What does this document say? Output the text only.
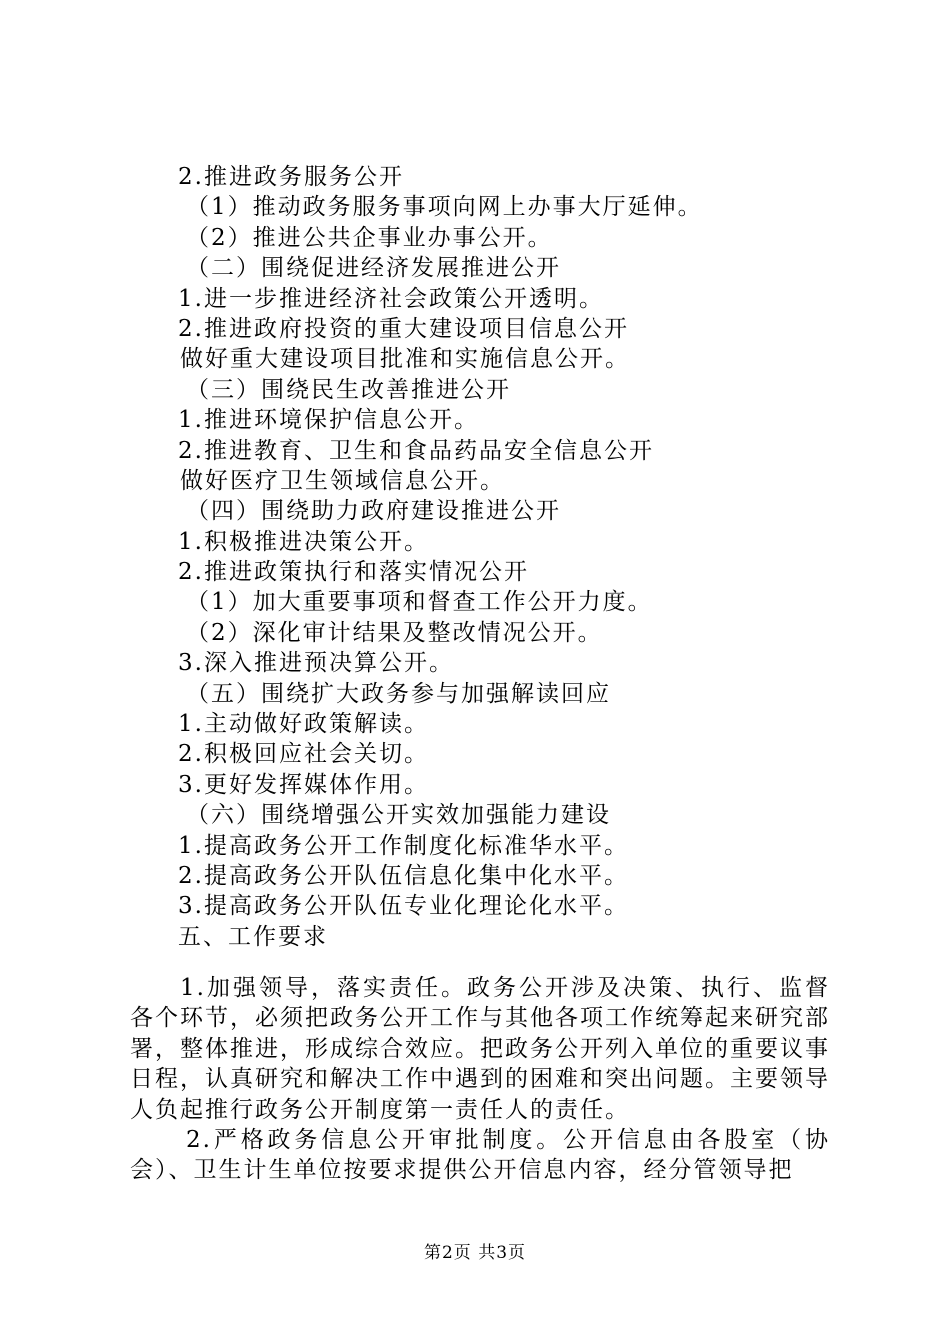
2.推进政务服务公开
（1）推动政务服务事项向网上办事大厅延伸。
（2）推进公共企事业办事公开。
（二）围绕促进经济发展推进公开
1.进一步推进经济社会政策公开透明。
2.推进政府投资的重大建设项目信息公开
做好重大建设项目批准和实施信息公开。
（三）围绕民生改善推进公开
1.推进环境保护信息公开。
2.推进教育、卫生和食品药品安全信息公开
做好医疗卫生领域信息公开。
（四）围绕助力政府建设推进公开
1.积极推进决策公开。
2.推进政策执行和落实情况公开
（1）加大重要事项和督查工作公开力度。
（2）深化审计结果及整改情况公开。
3.深入推进预决算公开。
（五）围绕扩大政务参与加强解读回应
1.主动做好政策解读。
2.积极回应社会关切。
3.更好发挥媒体作用。
（六）围绕增强公开实效加强能力建设
1.提高政务公开工作制度化标准华水平。
2.提高政务公开队伍信息化集中化水平。
3.提高政务公开队伍专业化理论化水平。
五、工作要求

1.加强领导，落实责任。政务公开涉及决策、执行、监督各个环节，必须把政务公开工作与其他各项工作统筹起来研究部署，整体推进，形成综合效应。把政务公开列入单位的重要议事日程，认真研究和解决工作中遇到的困难和突出问题。主要领导人负起推行政务公开制度第一责任人的责任。

2.严格政务信息公开审批制度。公开信息由各股室（协会）、卫生计生单位按要求提供公开信息内容，经分管领导把

第2页 共3页
